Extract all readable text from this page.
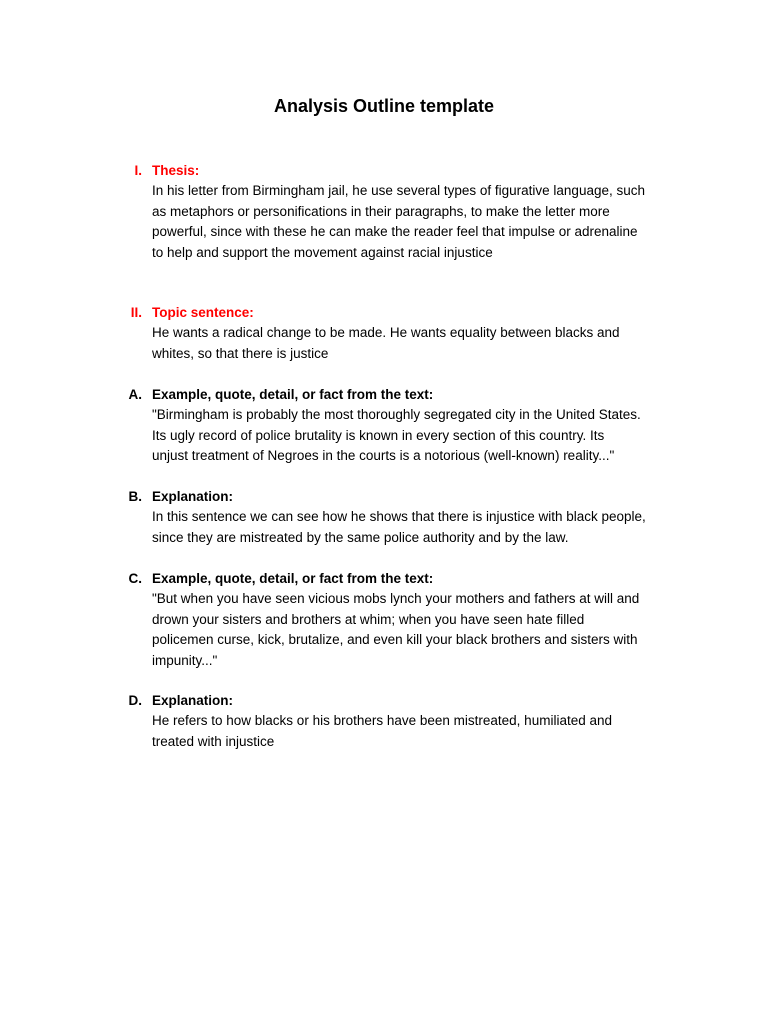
Analysis Outline template
I. Thesis:
In his letter from Birmingham jail, he use several types of figurative language, such
as metaphors or personifications in their paragraphs, to make the letter more
powerful, since with these he can make the reader feel that impulse or adrenaline
to help and support the movement against racial injustice
II. Topic sentence:
He wants a radical change to be made. He wants equality between blacks and
whites, so that there is justice
A. Example, quote, detail, or fact from the text:
"Birmingham is probably the most thoroughly segregated city in the United States.
Its ugly record of police brutality is known in every section of this country. Its
unjust treatment of Negroes in the courts is a notorious (well-known) reality..."
B. Explanation:
In this sentence we can see how he shows that there is injustice with black people,
since they are mistreated by the same police authority and by the law.
C. Example, quote, detail, or fact from the text:
"But when you have seen vicious mobs lynch your mothers and fathers at will and
drown your sisters and brothers at whim; when you have seen hate filled
policemen curse, kick, brutalize, and even kill your black brothers and sisters with
impunity..."
D. Explanation:
He refers to how blacks or his brothers have been mistreated, humiliated and
treated with injustice
